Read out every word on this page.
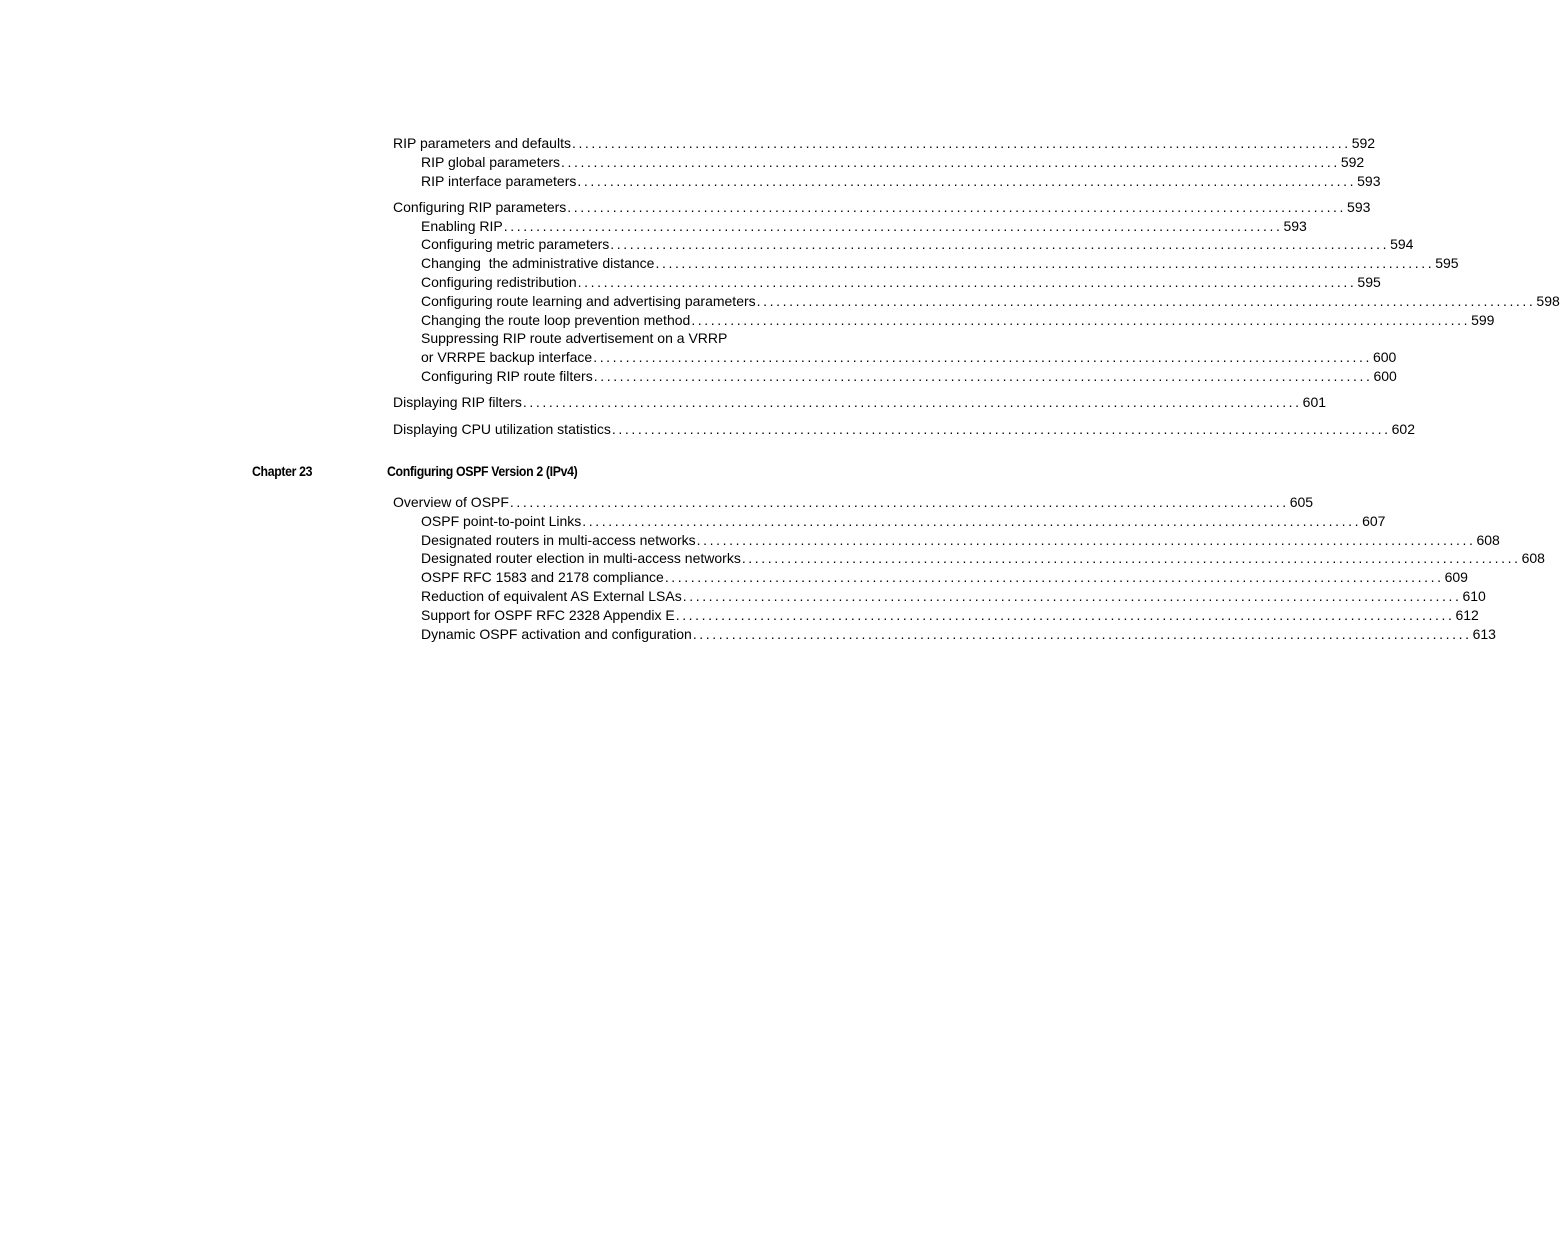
RIP parameters and defaults ........................................................................................................................ 592
RIP global parameters ........................................................................................................................ 592
RIP interface parameters ........................................................................................................................ 593
Configuring RIP parameters ........................................................................................................................ 593
Enabling RIP ........................................................................................................................ 593
Configuring metric parameters ........................................................................................................................ 594
Changing  the administrative distance ........................................................................................................................ 595
Configuring redistribution ........................................................................................................................ 595
Configuring route learning and advertising parameters ........................................................................................................................ 598
Changing the route loop prevention method ........................................................................................................................ 599
Suppressing RIP route advertisement on a VRRP
or VRRPE backup interface ........................................................................................................................ 600
Configuring RIP route filters ........................................................................................................................ 600
Displaying RIP filters ........................................................................................................................ 601
Displaying CPU utilization statistics ........................................................................................................................ 602
Chapter 23	Configuring OSPF Version 2 (IPv4)
Overview of OSPF ........................................................................................................................ 605
OSPF point-to-point Links ........................................................................................................................ 607
Designated routers in multi-access networks ........................................................................................................................ 608
Designated router election in multi-access networks ........................................................................................................................ 608
OSPF RFC 1583 and 2178 compliance ........................................................................................................................ 609
Reduction of equivalent AS External LSAs ........................................................................................................................ 610
Support for OSPF RFC 2328 Appendix E ........................................................................................................................ 612
Dynamic OSPF activation and configuration ........................................................................................................................ 613
